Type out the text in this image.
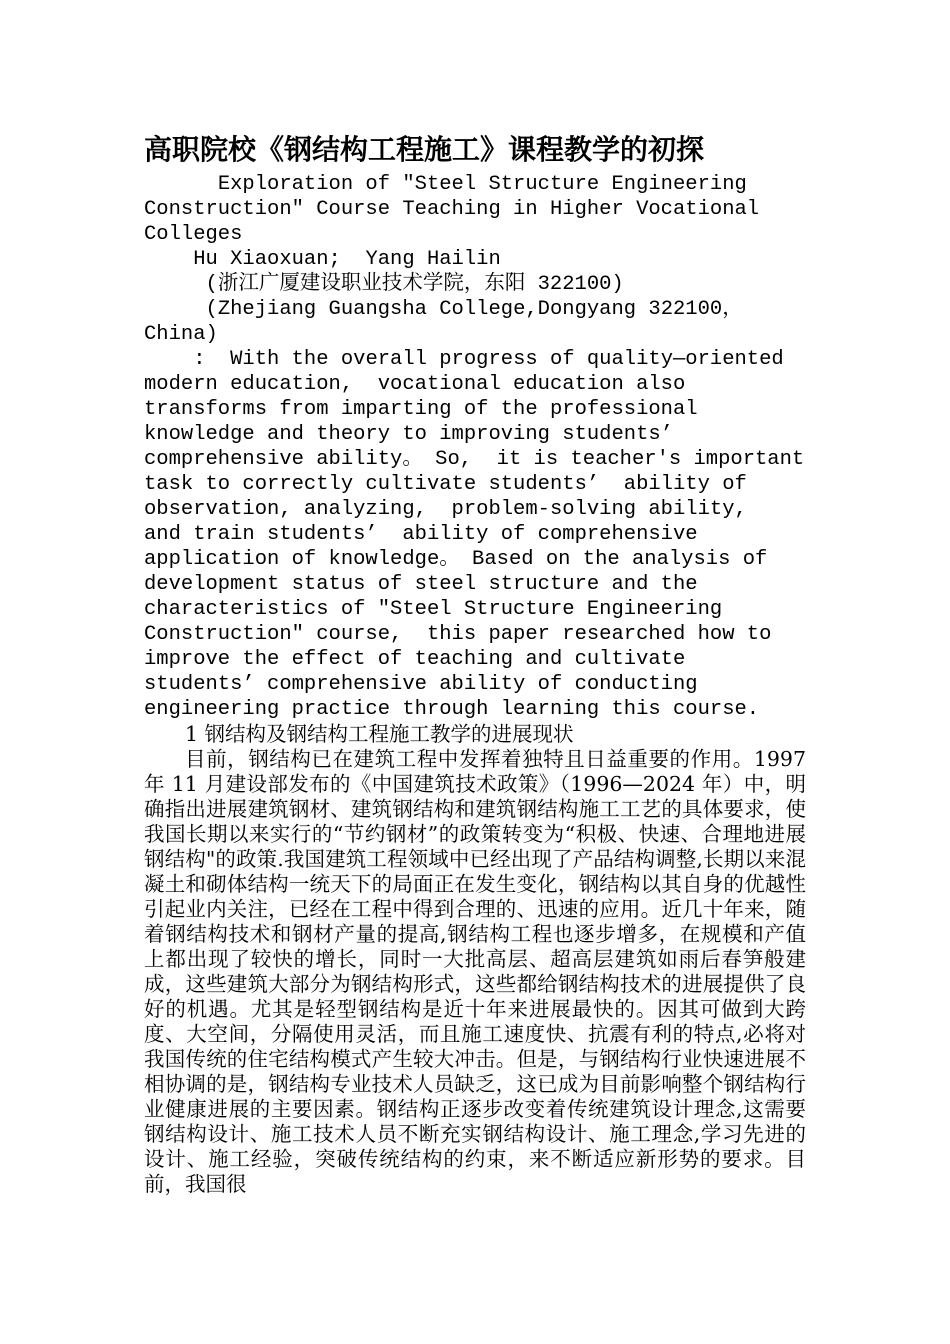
高职院校《钢结构工程施工》课程教学的初探

Exploration of "Steel Structure Engineering Construction" Course Teaching in Higher Vocational Colleges

Hu Xiaoxuan;  Yang Hailin

(浙江广厦建设职业技术学院，东阳 322100)

(Zhejiang Guangsha College,Dongyang 322100，China)

:  With the overall progress of quality—oriented modern education,  vocational education also transforms from imparting of the professional knowledge and theory to improving students’ comprehensive ability。 So,  it is teacher's important task to correctly cultivate students’  ability of observation, analyzing,  problem-solving ability,  and train students’  ability of comprehensive application of knowledge。 Based on the analysis of development status of steel structure and the characteristics of "Steel Structure Engineering Construction" course,  this paper researched how to improve the effect of teaching and cultivate students’ comprehensive ability of conducting engineering practice through learning this course.

1 钢结构及钢结构工程施工教学的进展现状

目前，钢结构已在建筑工程中发挥着独特且日益重要的作用。1997 年 11 月建设部发布的《中国建筑技术政策》（1996—2024 年）中，明确指出进展建筑钢材、建筑钢结构和建筑钢结构施工工艺的具体要求，使我国长期以来实行的“节约钢材”的政策转变为“积极、快速、合理地进展钢结构"的政策.我国建筑工程领域中已经出现了产品结构调整,长期以来混凝土和砌体结构一统天下的局面正在发生变化，钢结构以其自身的优越性引起业内关注，已经在工程中得到合理的、迅速的应用。近几十年来，随着钢结构技术和钢材产量的提高,钢结构工程也逐步增多，在规模和产值上都出现了较快的增长，同时一大批高层、超高层建筑如雨后春笋般建成，这些建筑大部分为钢结构形式，这些都给钢结构技术的进展提供了良好的机遇。尤其是轻型钢结构是近十年来进展最快的。因其可做到大跨度、大空间，分隔使用灵活，而且施工速度快、抗震有利的特点,必将对我国传统的住宅结构模式产生较大冲击。但是，与钢结构行业快速进展不相协调的是，钢结构专业技术人员缺乏，这已成为目前影响整个钢结构行业健康进展的主要因素。钢结构正逐步改变着传统建筑设计理念,这需要钢结构设计、施工技术人员不断充实钢结构设计、施工理念,学习先进的设计、施工经验，突破传统结构的约束，来不断适应新形势的要求。目前，我国很
